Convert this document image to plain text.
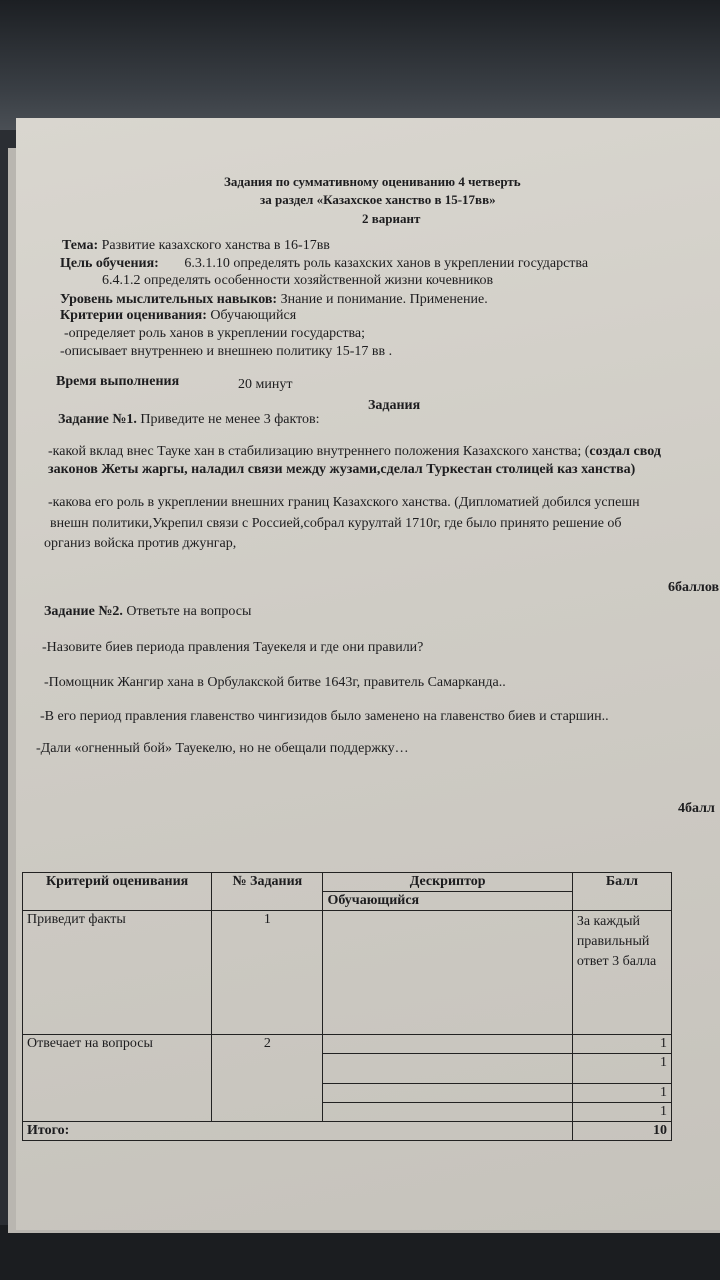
Задания по суммативному оцениванию 4 четверть
за раздел «Казахское ханство в 15-17вв»
2 вариант
Тема: Развитие казахского ханства в 16-17вв
Цель обучения: 6.3.1.10 определять роль казахских ханов в укреплении государства
6.4.1.2 определять особенности хозяйственной жизни кочевников
Уровень мыслительных навыков: Знание и понимание. Применение.
Критерии оценивания: Обучающийся
-определяет роль ханов в укреплении государства;
-описывает внутреннею и внешнею политику 15-17 вв .
Время выполнения	20 минут
Задания
Задание №1. Приведите не менее 3 фактов:
-какой вклад внес Тауке хан в стабилизацию внутреннего положения Казахского ханства; (создал свод
законов Жеты жаргы, наладил связи между жузами,сделал Туркестан столицей каз ханства)
-какова его роль в укреплении внешних границ Казахского ханства. (Дипломатией добился успешн
внешн политики,Укрепил связи с Россией,собрал курултай 1710г, где было принято решение об
организ войска против джунгар,
6баллов
Задание №2. Ответьте на вопросы
-Назовите биев периода правления Тауекеля и где они правили?
-Помощник Жангир хана в Орбулакской битве 1643г, правитель Самарканда..
-В его период правления главенство чингизидов было заменено на главенство биев и старшин..
-Дали «огненный бой» Тауекелю, но не обещали поддержку…
4балл
Критерий оценивания	№ Задания	Дескриптор	Балл
		Обучающийся	
Приведит факты	1		За каждый правильный ответ 3 балла
Отвечает на вопросы	2		1
			1
			1
			1
Итого:			10
